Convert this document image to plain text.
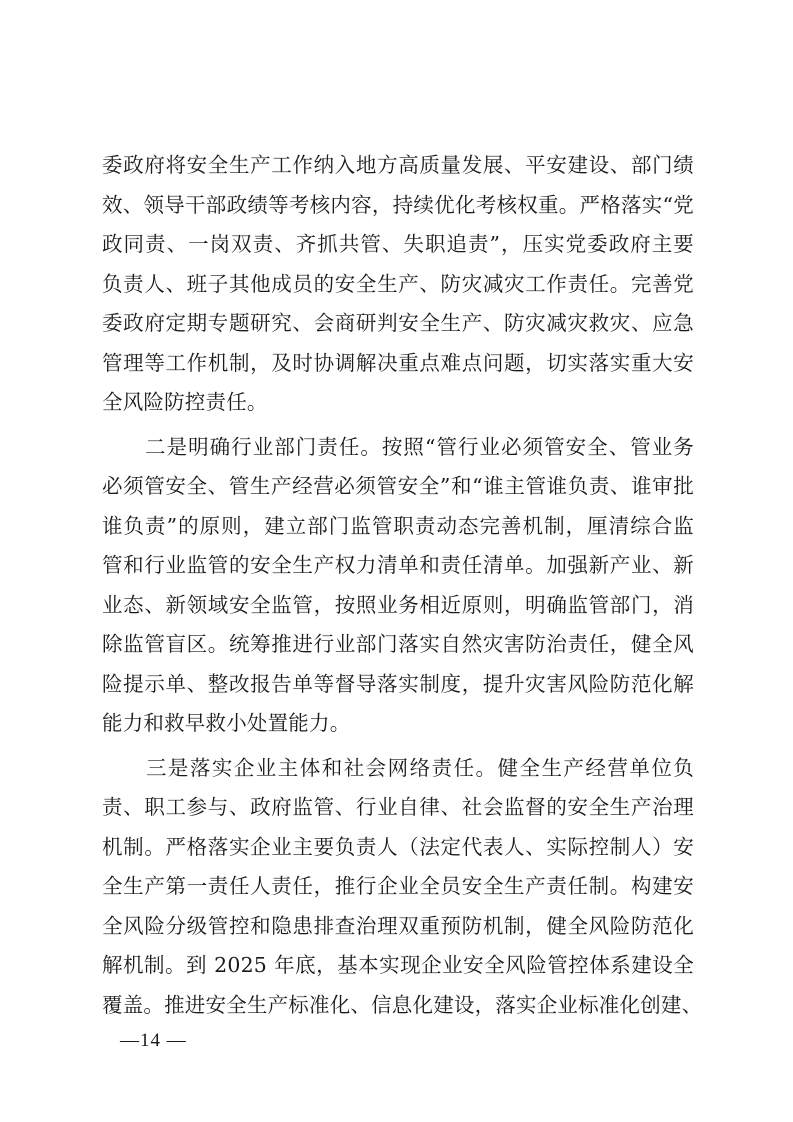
委政府将安全生产工作纳入地方高质量发展、平安建设、部门绩
效、领导干部政绩等考核内容，持续优化考核权重。严格落实“党
政同责、一岗双责、齐抓共管、失职追责”，压实党委政府主要
负责人、班子其他成员的安全生产、防灾减灾工作责任。完善党
委政府定期专题研究、会商研判安全生产、防灾减灾救灾、应急
管理等工作机制，及时协调解决重点难点问题，切实落实重大安
全风险防控责任。
　　二是明确行业部门责任。按照“管行业必须管安全、管业务
必须管安全、管生产经营必须管安全”和“谁主管谁负责、谁审批
谁负责”的原则，建立部门监管职责动态完善机制，厘清综合监
管和行业监管的安全生产权力清单和责任清单。加强新产业、新
业态、新领域安全监管，按照业务相近原则，明确监管部门，消
除监管盲区。统筹推进行业部门落实自然灾害防治责任，健全风
险提示单、整改报告单等督导落实制度，提升灾害风险防范化解
能力和救早救小处置能力。
　　三是落实企业主体和社会网络责任。健全生产经营单位负
责、职工参与、政府监管、行业自律、社会监督的安全生产治理
机制。严格落实企业主要负责人（法定代表人、实际控制人）安
全生产第一责任人责任，推行企业全员安全生产责任制。构建安
全风险分级管控和隐患排查治理双重预防机制，健全风险防范化
解机制。到 2025 年底，基本实现企业安全风险管控体系建设全
覆盖。推进安全生产标准化、信息化建设，落实企业标准化创建、
—14 —
